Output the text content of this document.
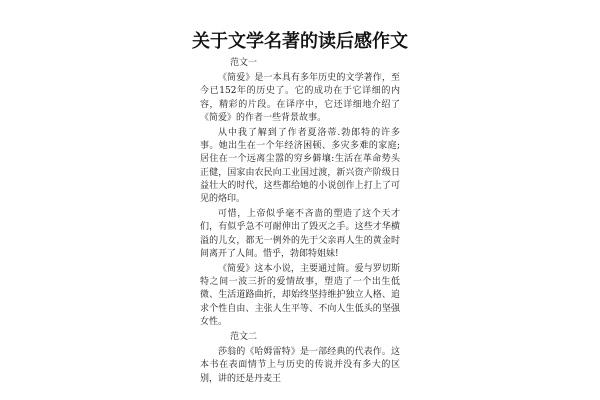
关于文学名著的读后感作文

范文一

《简爱》是一本具有多年历史的文学著作，至今已152年的历史了。它的成功在于它详细的内容，精彩的片段。在译序中，它还详细地介绍了《简爱》的作者一些背景故事。

从中我了解到了作者夏洛蒂.勃郎特的许多事。她出生在一个年经济困顿、多灾多难的家庭;居住在一个远离尘嚣的穷乡僻壤:生活在革命势头正健，国家由农民向工业国过渡，新兴资产阶级日益壮大的时代，这些都给她的小说创作上打上了可见的烙印。

可惜，上帝似乎毫不吝啬的塑造了这个天才们，有似乎急不可耐伸出了毁灭之手。这些才华横溢的儿女，都无一例外的先于父亲再人生的黄金时间离开了人间。惜乎，勃郎特姐妹!

《简爱》这本小说，主要通过简。爱与罗切斯特之间一波三折的爱情故事，塑造了一个出生低微、生活道路曲折，却始终坚持维护独立人格、追求个性自由、主张人生平等、不向人生低头的坚强女性。

范文二

莎翁的《哈姆雷特》是一部经典的代表作。这本书在表面情节上与历史的传说并没有多大的区别，讲的还是丹麦王
